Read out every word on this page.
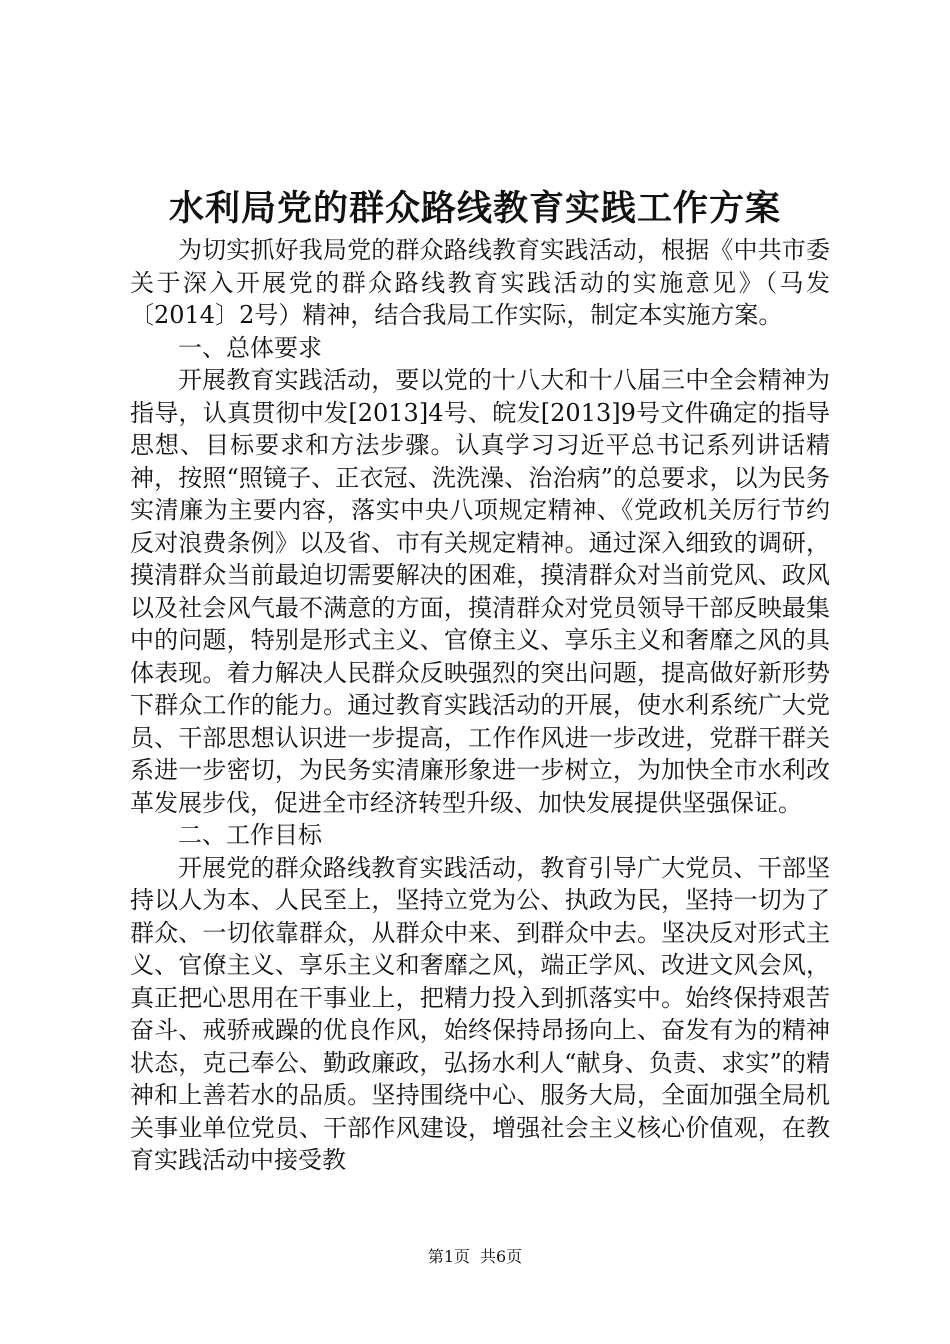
水利局党的群众路线教育实践工作方案

为切实抓好我局党的群众路线教育实践活动，根据《中共市委关于深入开展党的群众路线教育实践活动的实施意见》（马发〔2014〕2号）精神，结合我局工作实际，制定本实施方案。

一、总体要求

开展教育实践活动，要以党的十八大和十八届三中全会精神为指导，认真贯彻中发[2013]4号、皖发[2013]9号文件确定的指导思想、目标要求和方法步骤。认真学习习近平总书记系列讲话精神，按照“照镜子、正衣冠、洗洗澡、治治病”的总要求，以为民务实清廉为主要内容，落实中央八项规定精神、《党政机关厉行节约反对浪费条例》以及省、市有关规定精神。通过深入细致的调研，摸清群众当前最迫切需要解决的困难，摸清群众对当前党风、政风以及社会风气最不满意的方面，摸清群众对党员领导干部反映最集中的问题，特别是形式主义、官僚主义、享乐主义和奢靡之风的具体表现。着力解决人民群众反映强烈的突出问题，提高做好新形势下群众工作的能力。通过教育实践活动的开展，使水利系统广大党员、干部思想认识进一步提高，工作作风进一步改进，党群干群关系进一步密切，为民务实清廉形象进一步树立，为加快全市水利改革发展步伐，促进全市经济转型升级、加快发展提供坚强保证。

二、工作目标

开展党的群众路线教育实践活动，教育引导广大党员、干部坚持以人为本、人民至上，坚持立党为公、执政为民，坚持一切为了群众、一切依靠群众，从群众中来、到群众中去。坚决反对形式主义、官僚主义、享乐主义和奢靡之风，端正学风、改进文风会风，真正把心思用在干事业上，把精力投入到抓落实中。始终保持艰苦奋斗、戒骄戒躁的优良作风，始终保持昂扬向上、奋发有为的精神状态，克己奉公、勤政廉政，弘扬水利人“献身、负责、求实”的精神和上善若水的品质。坚持围绕中心、服务大局，全面加强全局机关事业单位党员、干部作风建设，增强社会主义核心价值观，在教育实践活动中接受教

第1页 共6页
